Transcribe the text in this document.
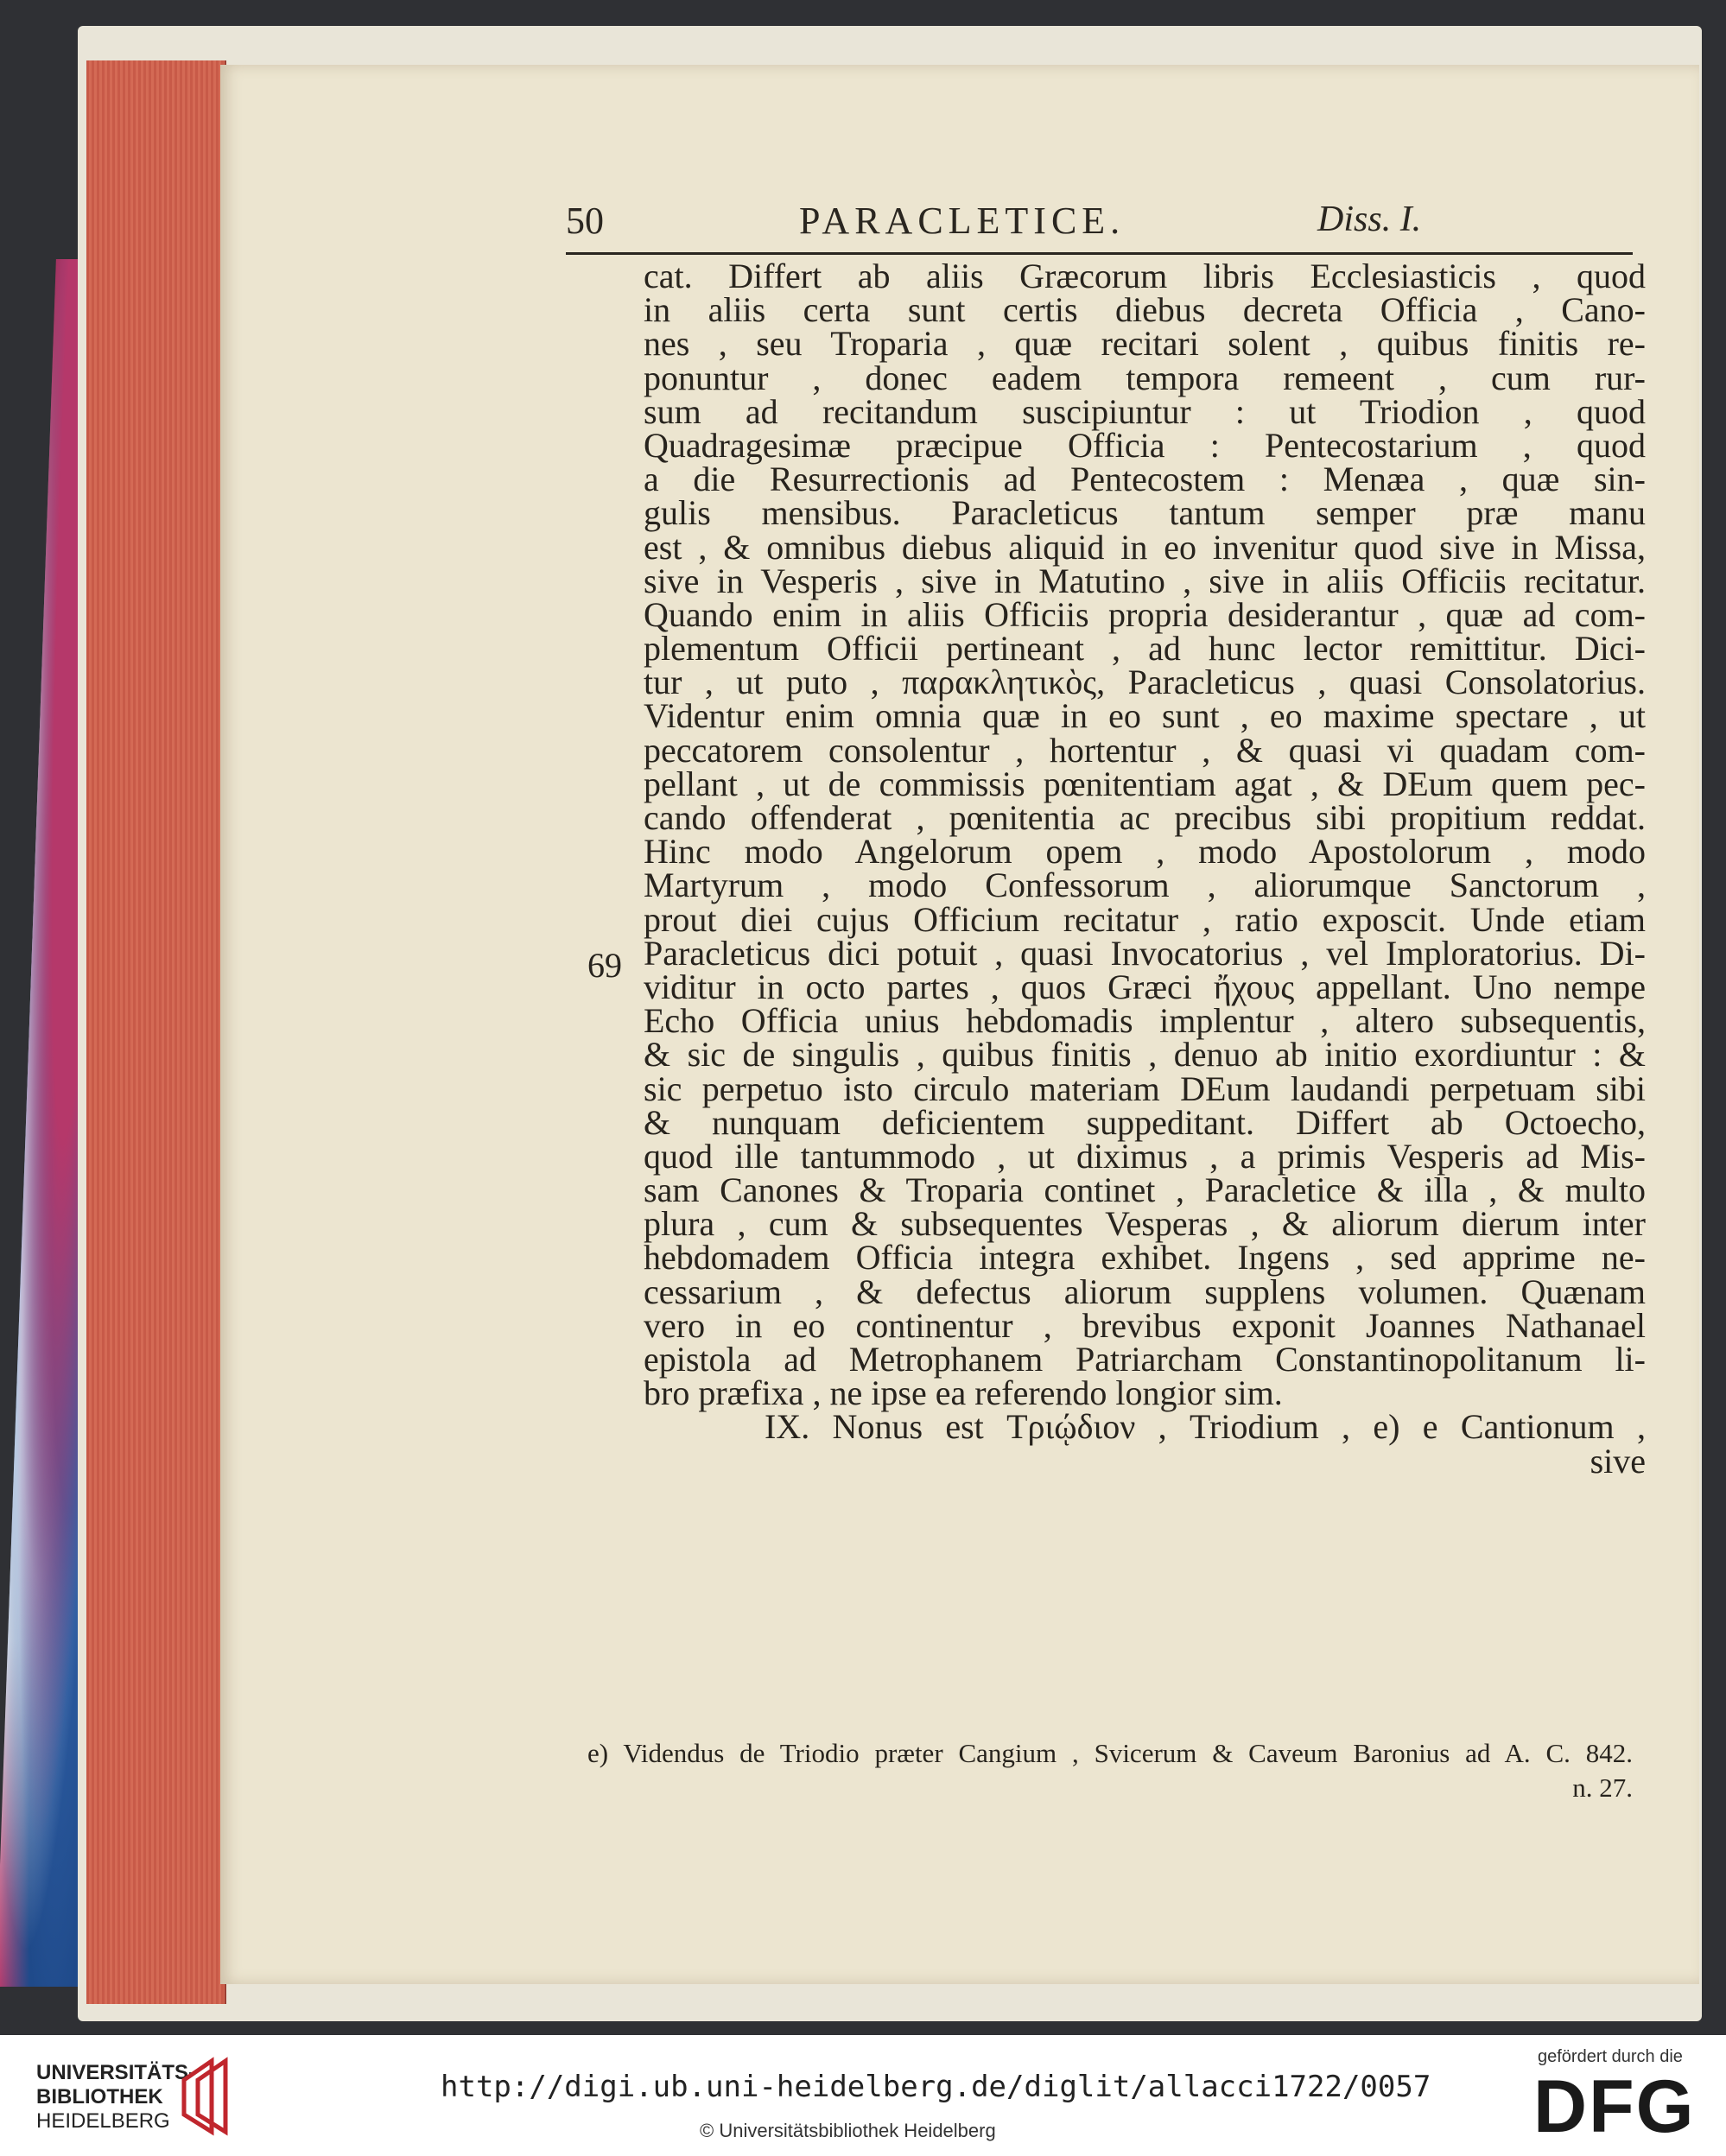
50	PARACLETICE.	Diss. I.
69
cat. Differt ab aliis Græcorum libris Ecclesiasticis , quod
in aliis certa sunt certis diebus decreta Officia , Cano-
nes , seu Troparia , quæ recitari solent , quibus finitis re-
ponuntur , donec eadem tempora remeent , cum rur-
sum ad recitandum suscipiuntur : ut Triodion , quod
Quadragesimæ præcipue Officia : Pentecostarium , quod
a die Resurrectionis ad Pentecostem : Menæa , quæ sin-
gulis mensibus. Paracleticus tantum semper præ manu
est , & omnibus diebus aliquid in eo invenitur quod sive in Missa,
sive in Vesperis , sive in Matutino , sive in aliis Officiis recitatur.
Quando enim in aliis Officiis propria desiderantur , quæ ad com-
plementum Officii pertineant , ad hunc lector remittitur. Dici-
tur , ut puto , παρακλητικὸς, Paracleticus , quasi Consolatorius.
Videntur enim omnia quæ in eo sunt , eo maxime spectare , ut
peccatorem consolentur , hortentur , & quasi vi quadam com-
pellant , ut de commissis pœnitentiam agat , & DEum quem pec-
cando offenderat , pœnitentia ac precibus sibi propitium reddat.
Hinc modo Angelorum opem , modo Apostolorum , modo
Martyrum , modo Confessorum , aliorumque Sanctorum ,
prout diei cujus Officium recitatur , ratio exposcit. Unde etiam
Paracleticus dici potuit , quasi Invocatorius , vel Imploratorius. Di-
viditur in octo partes , quos Græci ἤχους appellant. Uno nempe
Echo Officia unius hebdomadis implentur , altero subsequentis,
& sic de singulis , quibus finitis , denuo ab initio exordiuntur : &
sic perpetuo isto circulo materiam DEum laudandi perpetuam sibi
& nunquam deficientem suppeditant. Differt ab Octoecho,
quod ille tantummodo , ut diximus , a primis Vesperis ad Mis-
sam Canones & Troparia continet , Paracletice & illa , & multo
plura , cum & subsequentes Vesperas , & aliorum dierum inter
hebdomadem Officia integra exhibet. Ingens , sed apprime ne-
cessarium , & defectus aliorum supplens volumen. Quænam
vero in eo continentur , brevibus exponit Joannes Nathanael
epistola ad Metrophanem Patriarcham Constantinopolitanum li-
bro præfixa , ne ipse ea referendo longior sim.
IX. Nonus est Τριῴδιον , Triodium , e) e Cantionum ,
sive
e) Videndus de Triodio præter Cangium , Svicerum & Caveum Baronius ad A. C. 842.
n. 27.
UNIVERSITÄTS-
BIBLIOTHEK
HEIDELBERG
http://digi.ub.uni-heidelberg.de/diglit/allacci1722/0057
© Universitätsbibliothek Heidelberg
gefördert durch die
DFG
